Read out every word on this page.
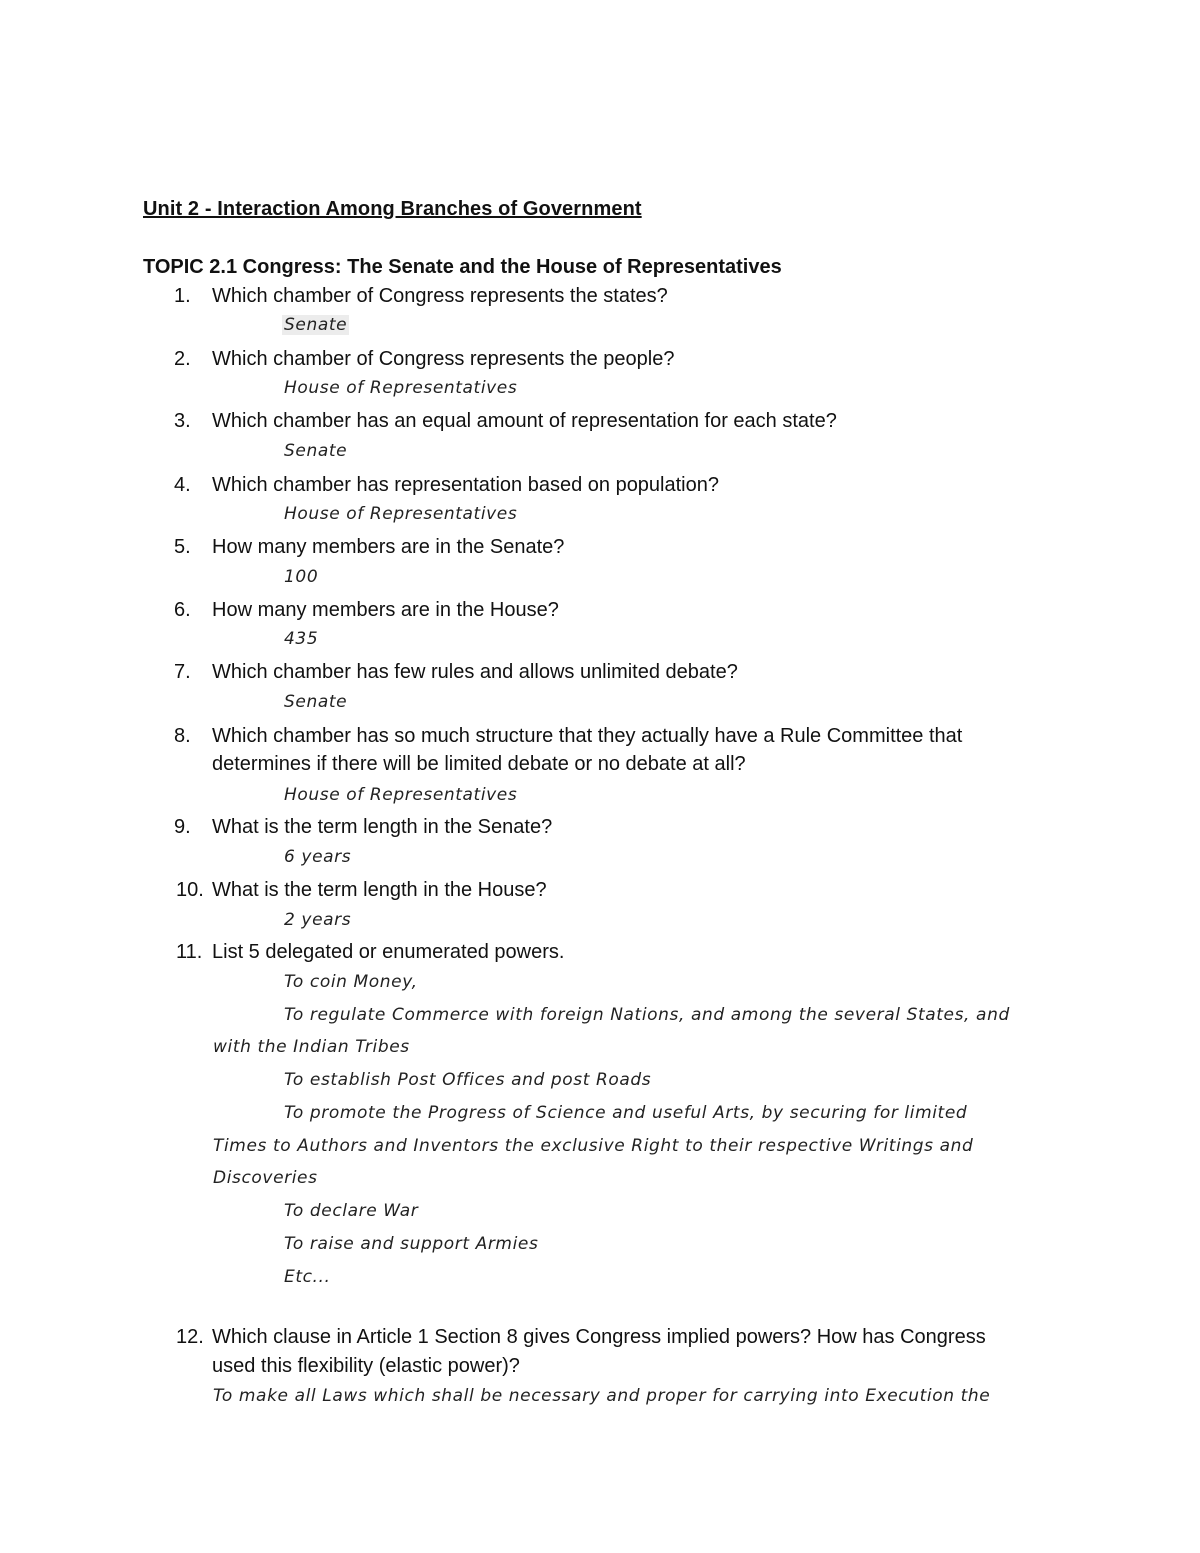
Unit 2 - Interaction Among Branches of Government
TOPIC 2.1 Congress: The Senate and the House of Representatives
1.	Which chamber of Congress represents the states?
Senate
2.	Which chamber of Congress represents the people?
House of Representatives
3.	Which chamber has an equal amount of representation for each state?
Senate
4.	Which chamber has representation based on population?
House of Representatives
5.	How many members are in the Senate?
100
6.	How many members are in the House?
435
7.	Which chamber has few rules and allows unlimited debate?
Senate
8.	Which chamber has so much structure that they actually have a Rule Committee that
determines if there will be limited debate or no debate at all?
House of Representatives
9.	What is the term length in the Senate?
6 years
10. What is the term length in the House?
2 years
11. List 5 delegated or enumerated powers.
To coin Money,
To regulate Commerce with foreign Nations, and among the several States, and
with the Indian Tribes
To establish Post Offices and post Roads
To promote the Progress of Science and useful Arts, by securing for limited
Times to Authors and Inventors the exclusive Right to their respective Writings and
Discoveries
To declare War
To raise and support Armies
Etc...
12. Which clause in Article 1 Section 8 gives Congress implied powers? How has Congress
used this flexibility (elastic power)?
To make all Laws which shall be necessary and proper for carrying into Execution the
